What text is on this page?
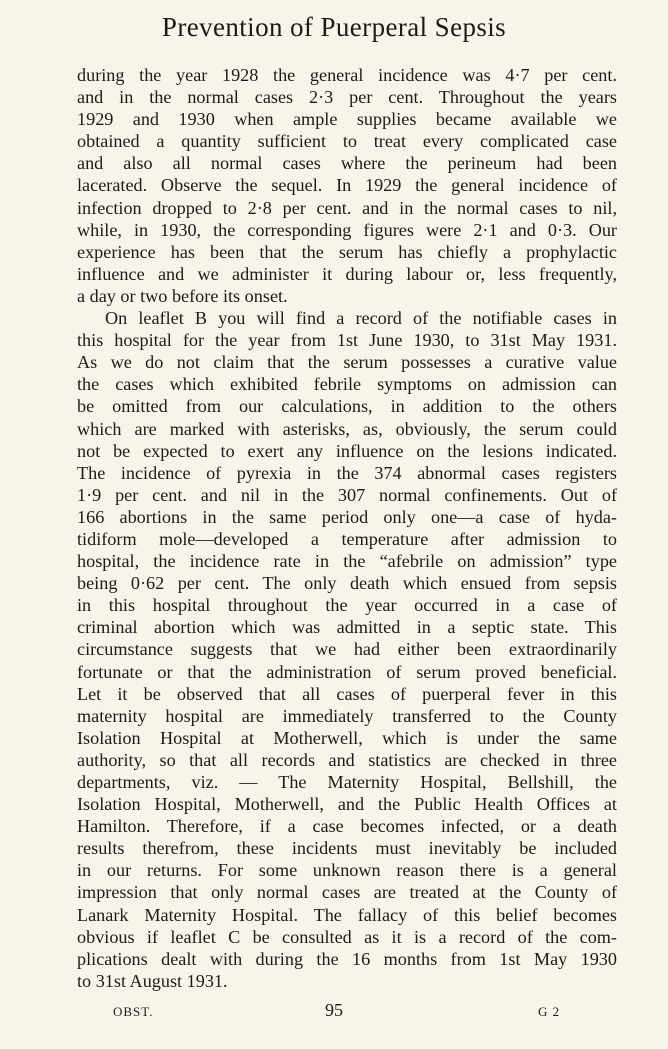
Prevention of Puerperal Sepsis
during the year 1928 the general incidence was 4·7 per cent.
and in the normal cases 2·3 per cent. Throughout the years
1929 and 1930 when ample supplies became available we
obtained a quantity sufficient to treat every complicated case
and also all normal cases where the perineum had been
lacerated. Observe the sequel. In 1929 the general incidence of
infection dropped to 2·8 per cent. and in the normal cases to nil,
while, in 1930, the corresponding figures were 2·1 and 0·3. Our
experience has been that the serum has chiefly a prophylactic
influence and we administer it during labour or, less frequently,
a day or two before its onset.
On leaflet B you will find a record of the notifiable cases in
this hospital for the year from 1st June 1930, to 31st May 1931.
As we do not claim that the serum possesses a curative value
the cases which exhibited febrile symptoms on admission can
be omitted from our calculations, in addition to the others
which are marked with asterisks, as, obviously, the serum could
not be expected to exert any influence on the lesions indicated.
The incidence of pyrexia in the 374 abnormal cases registers
1·9 per cent. and nil in the 307 normal confinements. Out of
166 abortions in the same period only one—a case of hyda-
tidiform mole—developed a temperature after admission to
hospital, the incidence rate in the “afebrile on admission” type
being 0·62 per cent. The only death which ensued from sepsis
in this hospital throughout the year occurred in a case of
criminal abortion which was admitted in a septic state. This
circumstance suggests that we had either been extraordinarily
fortunate or that the administration of serum proved beneficial.
Let it be observed that all cases of puerperal fever in this
maternity hospital are immediately transferred to the County
Isolation Hospital at Motherwell, which is under the same
authority, so that all records and statistics are checked in three
departments, viz. — The Maternity Hospital, Bellshill, the
Isolation Hospital, Motherwell, and the Public Health Offices at
Hamilton. Therefore, if a case becomes infected, or a death
results therefrom, these incidents must inevitably be included
in our returns. For some unknown reason there is a general
impression that only normal cases are treated at the County of
Lanark Maternity Hospital. The fallacy of this belief becomes
obvious if leaflet C be consulted as it is a record of the com-
plications dealt with during the 16 months from 1st May 1930
to 31st August 1931.
OBST.	95	G 2
